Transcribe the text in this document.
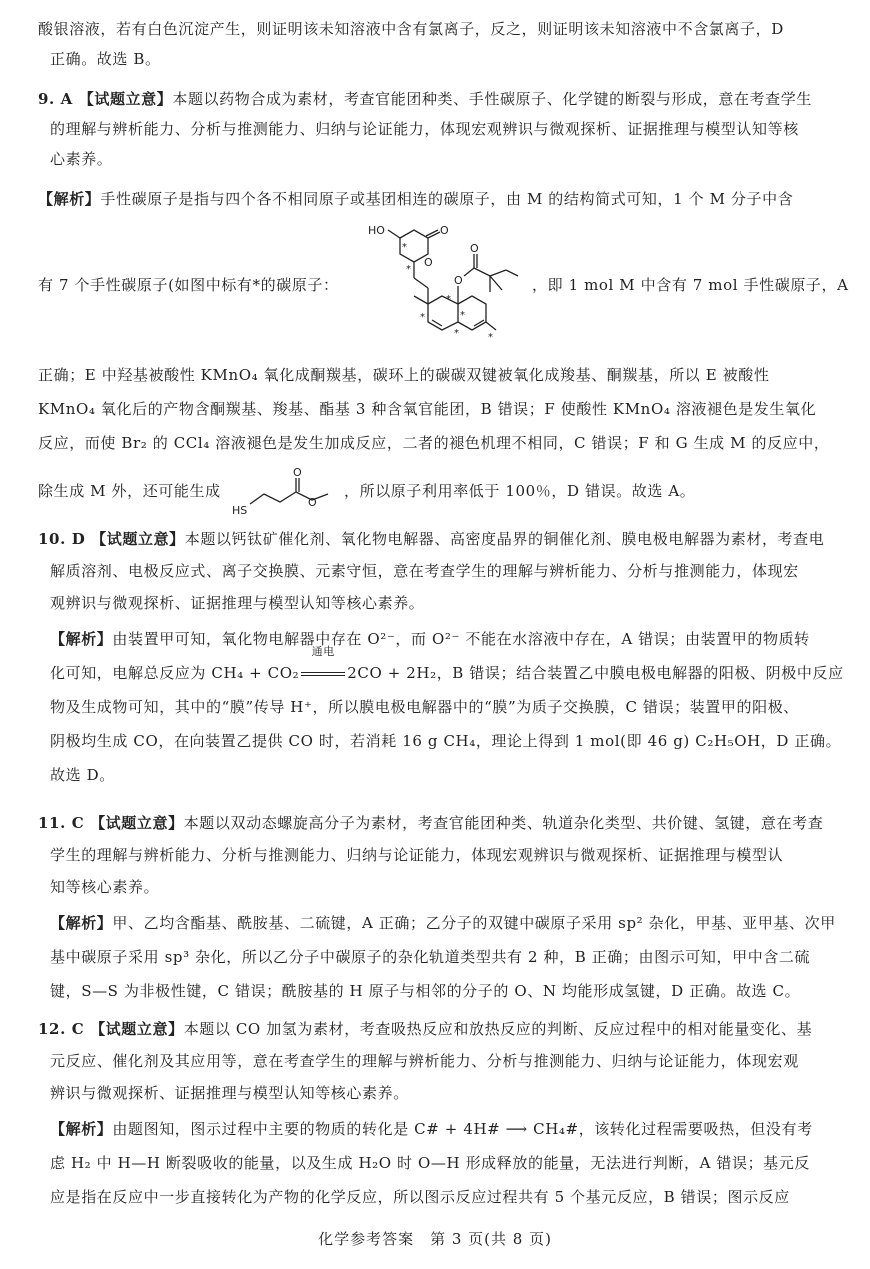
酸银溶液，若有白色沉淀产生，则证明该未知溶液中含有氯离子，反之，则证明该未知溶液中不含氯离子，D

正确。故选 B。

9. A 【试题立意】本题以药物合成为素材，考查官能团种类、手性碳原子、化学键的断裂与形成，意在考查学生

的理解与辨析能力、分析与推测能力、归纳与论证能力，体现宏观辨识与微观探析、证据推理与模型认知等核

心素养。

【解析】手性碳原子是指与四个各不相同原子或基团相连的碳原子，由 M 的结构简式可知，1 个 M 分子中含

有 7 个手性碳原子(如图中标有*的碳原子：

HO	O
O
*
*
O
O
*
*
*
*	*

，即 1 mol M 中含有 7 mol 手性碳原子，A

正确；E 中羟基被酸性 KMnO₄ 氧化成酮羰基，碳环上的碳碳双键被氧化成羧基、酮羰基，所以 E 被酸性

KMnO₄ 氧化后的产物含酮羰基、羧基、酯基 3 种含氧官能团，B 错误；F 使酸性 KMnO₄ 溶液褪色是发生氧化

反应，而使 Br₂ 的 CCl₄ 溶液褪色是发生加成反应，二者的褪色机理不相同，C 错误；F 和 G 生成 M 的反应中，

除生成 M 外，还可能生成

HS
O
O

，所以原子利用率低于 100％，D 错误。故选 A。

10. D 【试题立意】本题以钙钛矿催化剂、氧化物电解器、高密度晶界的铜催化剂、膜电极电解器为素材，考查电

解质溶剂、电极反应式、离子交换膜、元素守恒，意在考查学生的理解与辨析能力、分析与推测能力，体现宏

观辨识与微观探析、证据推理与模型认知等核心素养。

【解析】由装置甲可知，氧化物电解器中存在 O²⁻，而 O²⁻ 不能在水溶液中存在，A 错误；由装置甲的物质转

化可知，电解总反应为 CH₄ + CO₂
通电
2CO + 2H₂，B 错误；结合装置乙中膜电极电解器的阳极、阴极中反应

物及生成物可知，其中的“膜”传导 H⁺，所以膜电极电解器中的“膜”为质子交换膜，C 错误；装置甲的阳极、

阴极均生成 CO，在向装置乙提供 CO 时，若消耗 16 g CH₄，理论上得到 1 mol(即 46 g) C₂H₅OH，D 正确。

故选 D。

11. C 【试题立意】本题以双动态螺旋高分子为素材，考查官能团种类、轨道杂化类型、共价键、氢键，意在考查

学生的理解与辨析能力、分析与推测能力、归纳与论证能力，体现宏观辨识与微观探析、证据推理与模型认

知等核心素养。

【解析】甲、乙均含酯基、酰胺基、二硫键，A 正确；乙分子的双键中碳原子采用 sp² 杂化，甲基、亚甲基、次甲

基中碳原子采用 sp³ 杂化，所以乙分子中碳原子的杂化轨道类型共有 2 种，B 正确；由图示可知，甲中含二硫

键，S—S 为非极性键，C 错误；酰胺基的 H 原子与相邻的分子的 O、N 均能形成氢键，D 正确。故选 C。

12. C 【试题立意】本题以 CO 加氢为素材，考查吸热反应和放热反应的判断、反应过程中的相对能量变化、基

元反应、催化剂及其应用等，意在考查学生的理解与辨析能力、分析与推测能力、归纳与论证能力，体现宏观

辨识与微观探析、证据推理与模型认知等核心素养。

【解析】由题图知，图示过程中主要的物质的转化是 C# + 4H# ⟶ CH₄#，该转化过程需要吸热，但没有考

虑 H₂ 中 H—H 断裂吸收的能量，以及生成 H₂O 时 O—H 形成释放的能量，无法进行判断，A 错误；基元反

应是指在反应中一步直接转化为产物的化学反应，所以图示反应过程共有 5 个基元反应，B 错误；图示反应

化学参考答案　第 3 页(共 8 页)
